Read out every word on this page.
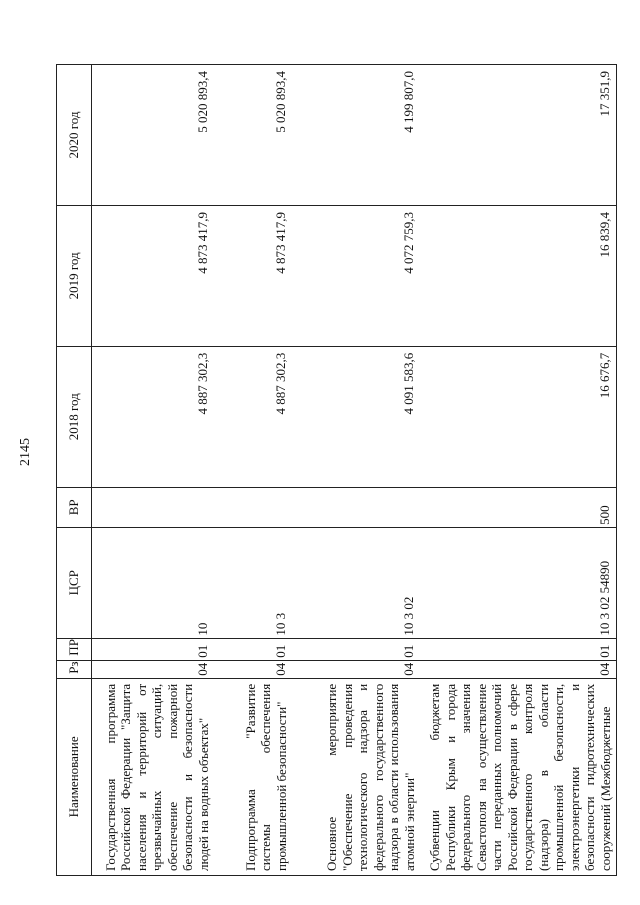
2145
Наименование	Рз	ПР	ЦСР	ВР	2018 год	2019 год	2020 год
Государственная программа Российской Федерации "Защита населения и территорий от чрезвычайных ситуаций, обеспечение пожарной безопасности и безопасности людей на водных объектах"	04	01	10		4 887 302,3	4 873 417,9	5 020 893,4
Подпрограмма "Развитие системы обеспечения промышленной безопасности"	04	01	10 3		4 887 302,3	4 873 417,9	5 020 893,4
Основное мероприятие "Обеспечение проведения технологического надзора и федерального государственного надзора в области использования атомной энергии"	04	01	10 3 02		4 091 583,6	4 072 759,3	4 199 807,0
Субвенции бюджетам Республики Крым и города федерального значения Севастополя на осуществление части переданных полномочий Российской Федерации в сфере государственного контроля (надзора) в области промышленной безопасности, электроэнергетики и безопасности гидротехнических сооружений (Межбюджетные	04	01	10 3 02 54890	500	16 676,7	16 839,4	17 351,9
